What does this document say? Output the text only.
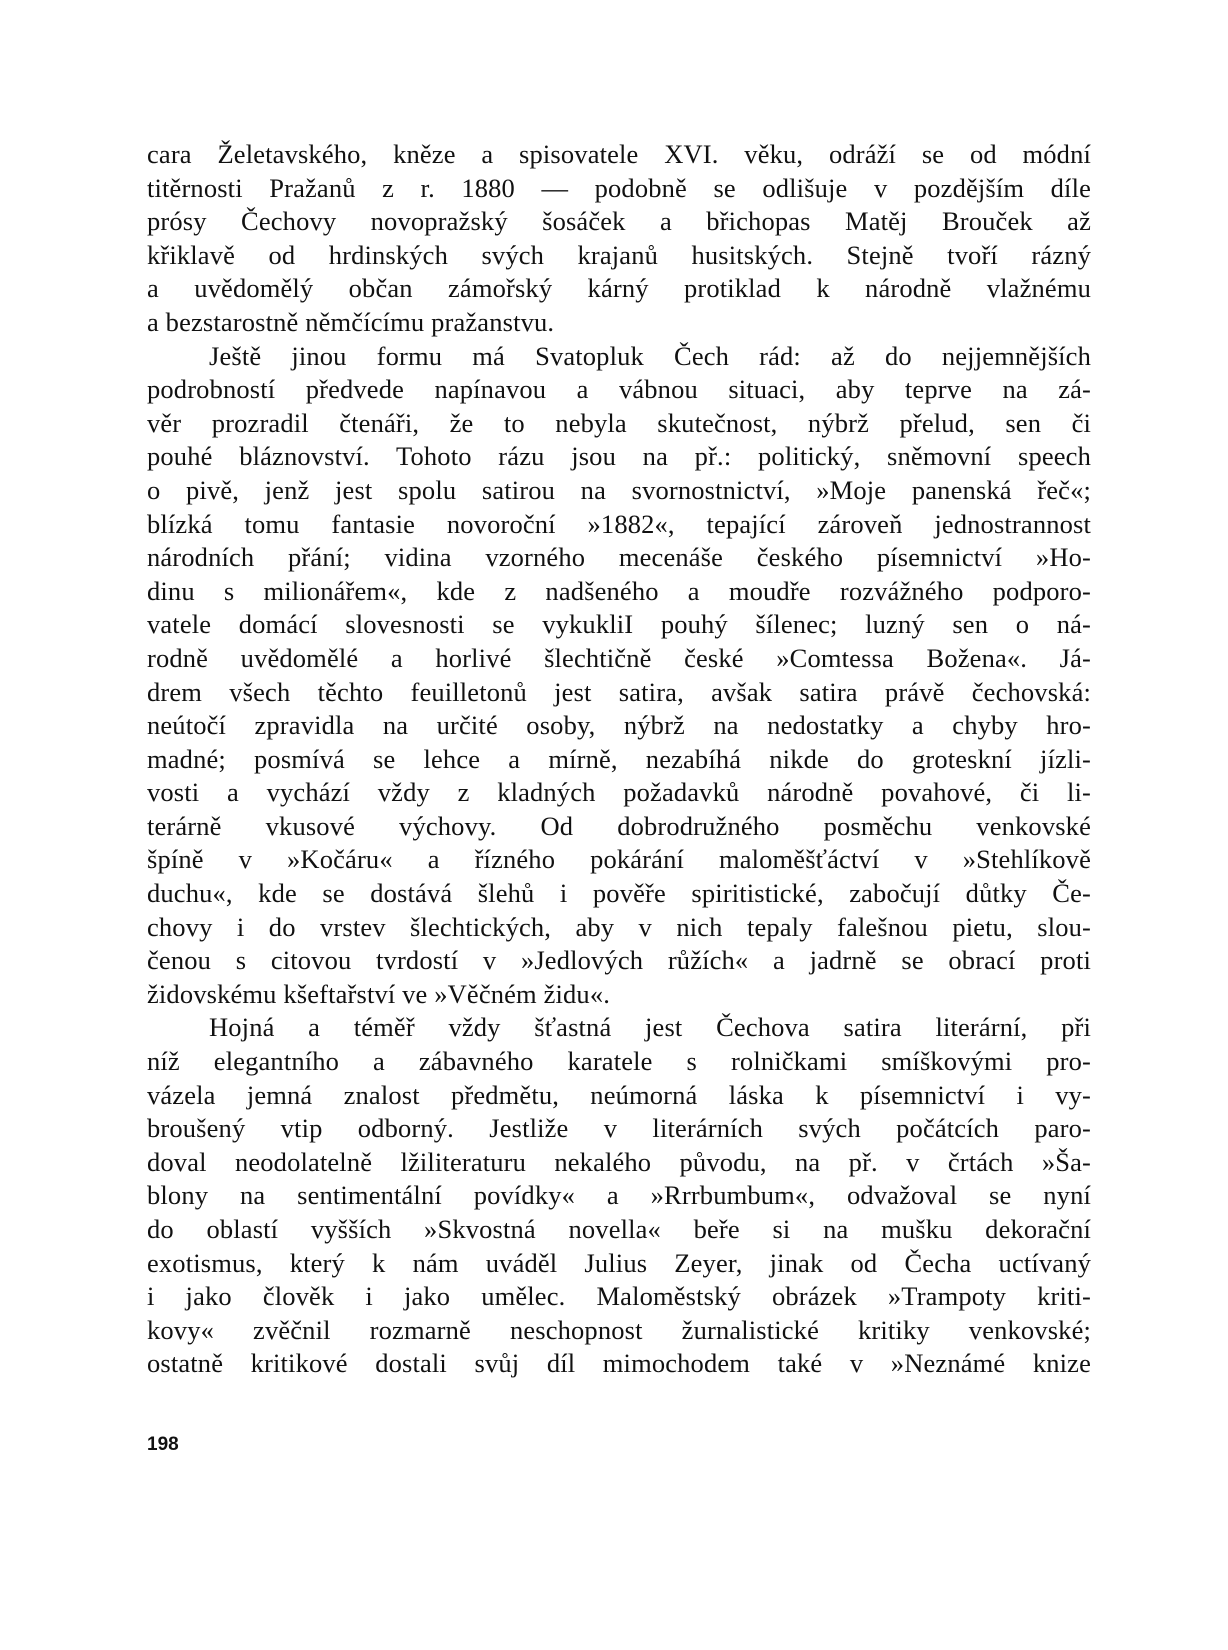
cara Želetavského, kněze a spisovatele XVI. věku, odráží se od módní
titěrnosti Pražanů z r. 1880 — podobně se odlišuje v pozdějším díle
prósy Čechovy novopražský šosáček a břichopas Matěj Brouček až
křiklavě od hrdinských svých krajanů husitských. Stejně tvoří rázný
a uvědomělý občan zámořský kárný protiklad k národně vlažnému
a bezstarostně němčícímu pražanstvu.
Ještě jinou formu má Svatopluk Čech rád: až do nejjemnějších
podrobností předvede napínavou a vábnou situaci, aby teprve na zá-
věr prozradil čtenáři, že to nebyla skutečnost, nýbrž přelud, sen či
pouhé bláznovství. Tohoto rázu jsou na př.: politický, sněmovní speech
o pivě, jenž jest spolu satirou na svornostnictví, »Moje panenská řeč«;
blízká tomu fantasie novoroční »1882«, tepající zároveň jednostrannost
národních přání; vidina vzorného mecenáše českého písemnictví »Ho-
dinu s milionářem«, kde z nadšeného a moudře rozvážného podporo-
vatele domácí slovesnosti se vykukliI pouhý šílenec; luzný sen o ná-
rodně uvědomělé a horlivé šlechtičně české »Comtessa Božena«. Já-
drem všech těchto feuilletonů jest satira, avšak satira právě čechovská:
neútočí zpravidla na určité osoby, nýbrž na nedostatky a chyby hro-
madné; posmívá se lehce a mírně, nezabíhá nikde do groteskní jízli-
vosti a vychází vždy z kladných požadavků národně povahové, či li-
terárně vkusové výchovy. Od dobrodružného posměchu venkovské
špíně v »Kočáru« a řízného pokárání maloměšťáctví v »Stehlíkově
duchu«, kde se dostává šlehů i pověře spiritistické, zabočují důtky Če-
chovy i do vrstev šlechtických, aby v nich tepaly falešnou pietu, slou-
čenou s citovou tvrdostí v »Jedlových růžích« a jadrně se obrací proti
židovskému kšeftařství ve »Věčném židu«.
Hojná a téměř vždy šťastná jest Čechova satira literární, při
níž elegantního a zábavného karatele s rolničkami smíškovými pro-
vázela jemná znalost předmětu, neúmorná láska k písemnictví i vy-
broušený vtip odborný. Jestliže v literárních svých počátcích paro-
doval neodolatelně lžiliteraturu nekalého původu, na př. v črtách »Ša-
blony na sentimentální povídky« a »Rrrbumbum«, odvažoval se nyní
do oblastí vyšších »Skvostná novella« beře si na mušku dekorační
exotismus, který k nám uváděl Julius Zeyer, jinak od Čecha uctívaný
i jako člověk i jako umělec. Maloměstský obrázek »Trampoty kriti-
kovy« zvěčnil rozmarně neschopnost žurnalistické kritiky venkovské;
ostatně kritikové dostali svůj díl mimochodem také v »Neznámé knize
198
